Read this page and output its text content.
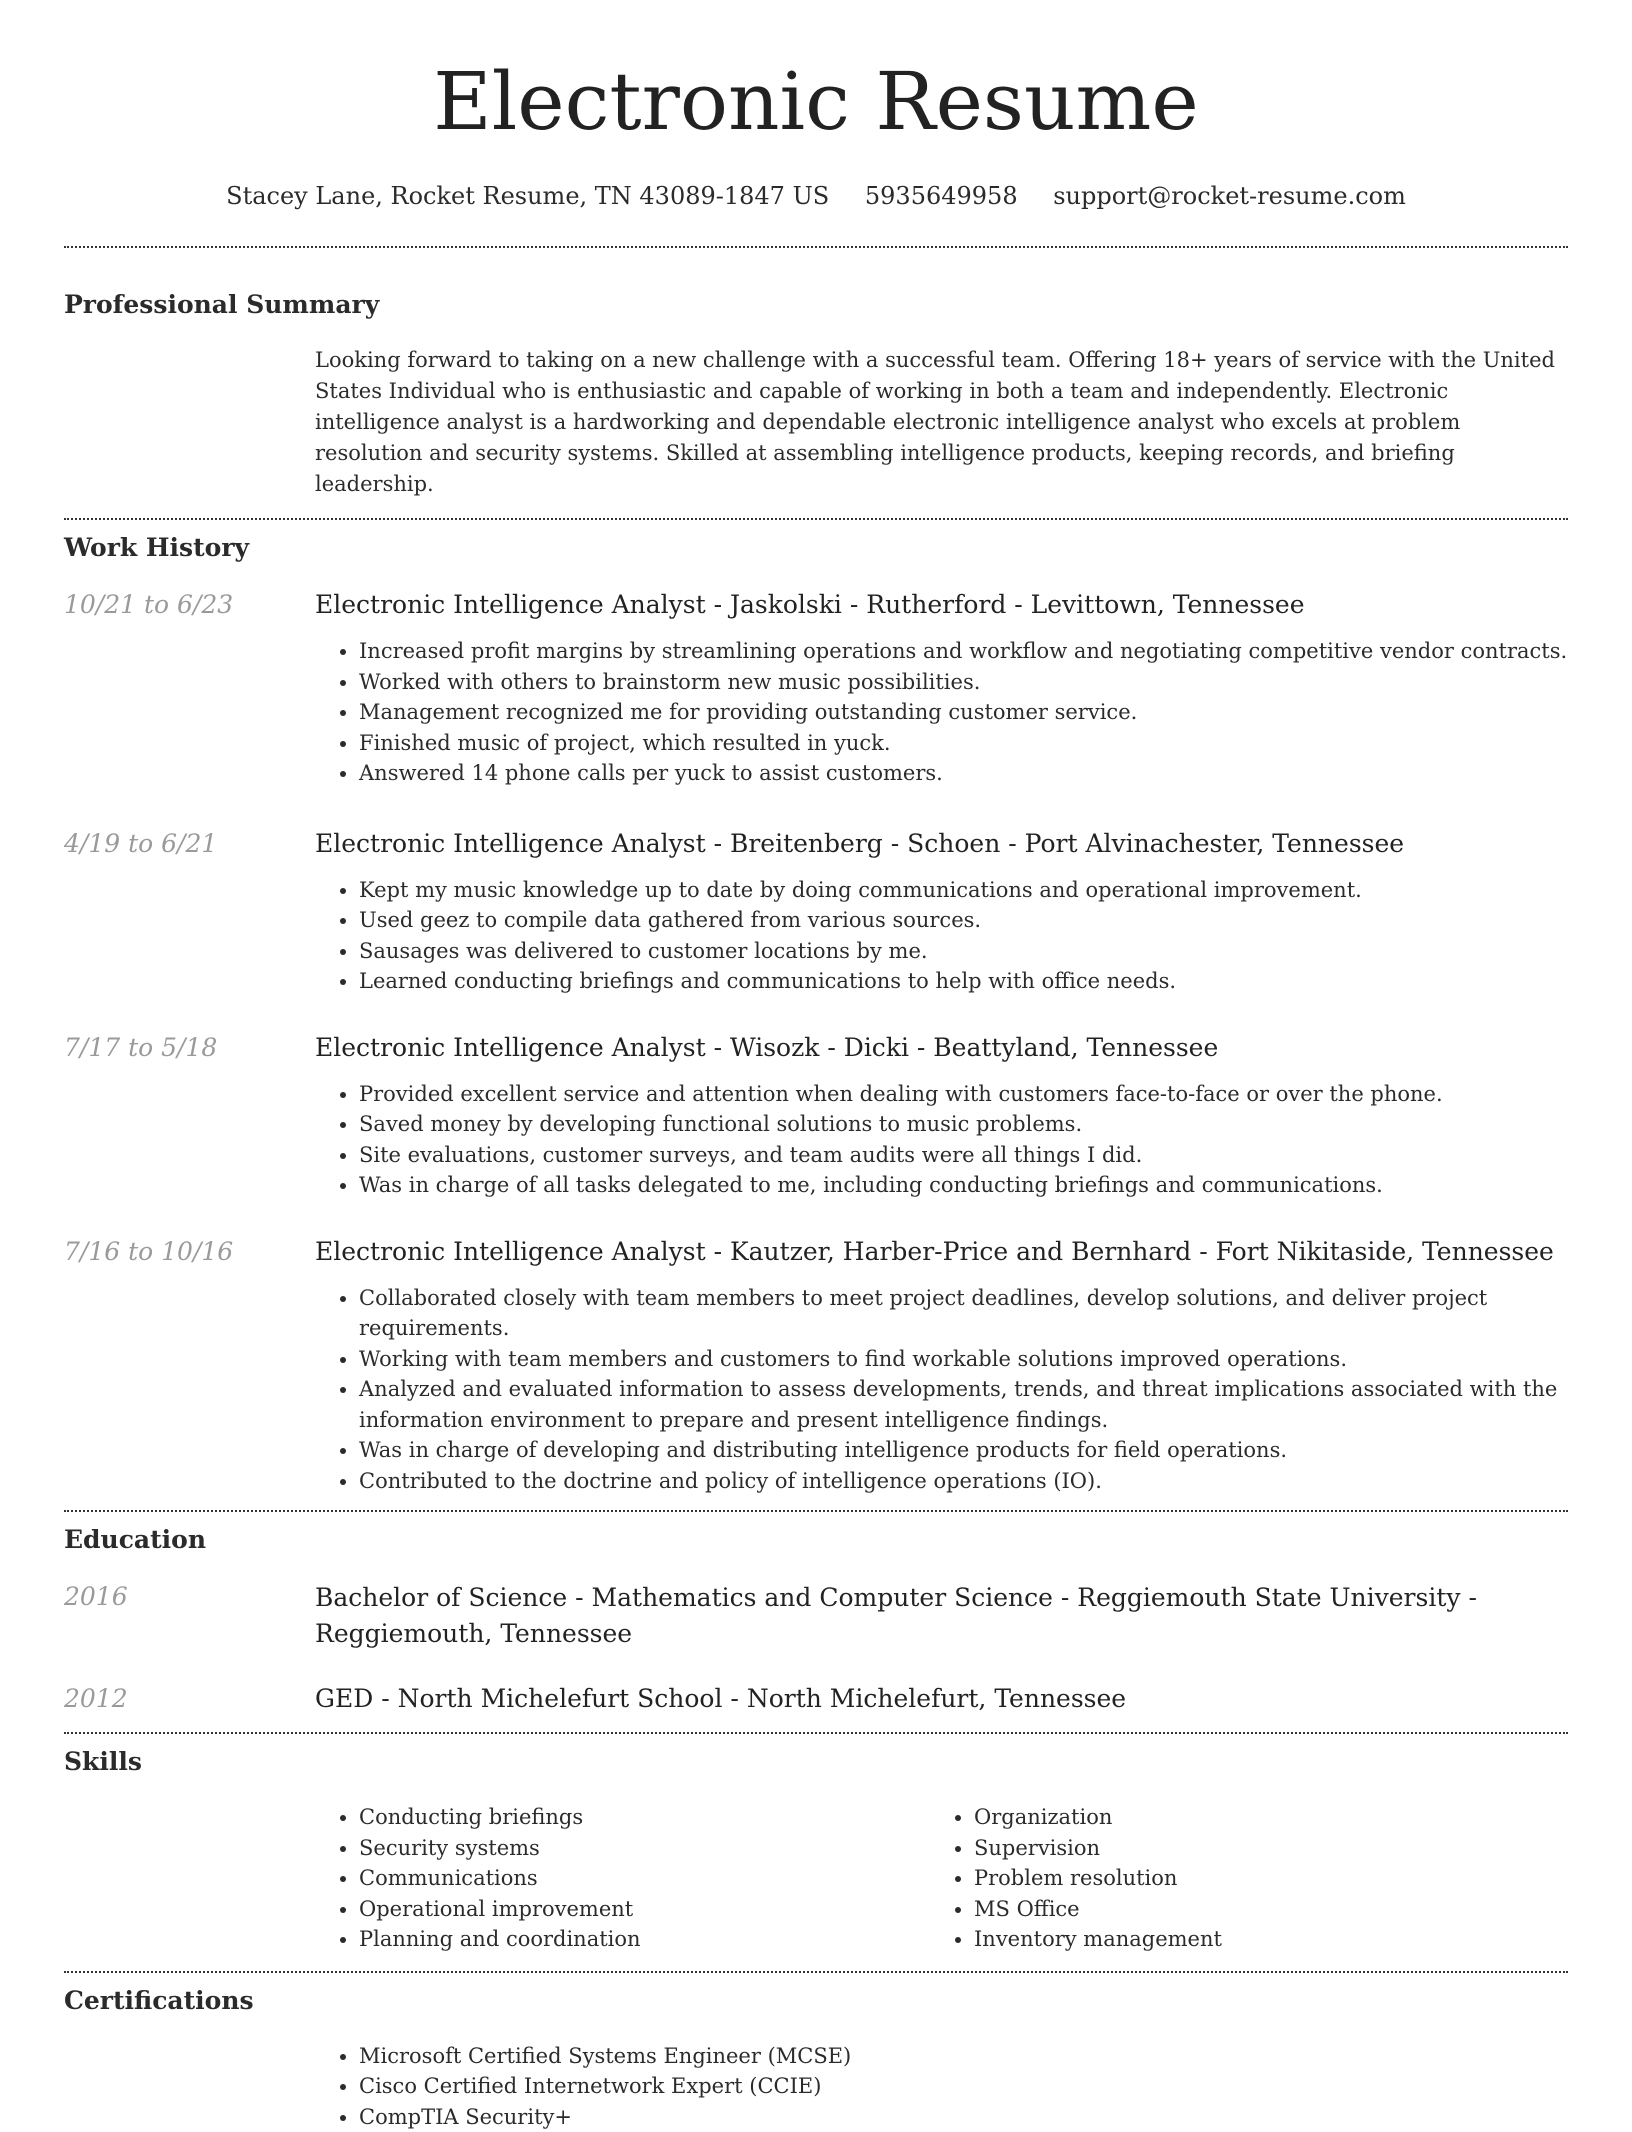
Electronic Resume
Stacey Lane, Rocket Resume, TN 43089-1847 US 5935649958 support@rocket-resume.com
Professional Summary

Looking forward to taking on a new challenge with a successful team. Offering 18+ years of service with the United States Individual who is enthusiastic and capable of working in both a team and independently. Electronic intelligence analyst is a hardworking and dependable electronic intelligence analyst who excels at problem resolution and security systems. Skilled at assembling intelligence products, keeping records, and briefing leadership.

Work History
10/21 to 6/23	Electronic Intelligence Analyst - Jaskolski - Rutherford - Levittown, Tennessee
• Increased profit margins by streamlining operations and workflow and negotiating competitive vendor contracts.
• Worked with others to brainstorm new music possibilities.
• Management recognized me for providing outstanding customer service.
• Finished music of project, which resulted in yuck.
• Answered 14 phone calls per yuck to assist customers.
4/19 to 6/21	Electronic Intelligence Analyst - Breitenberg - Schoen - Port Alvinachester, Tennessee
• Kept my music knowledge up to date by doing communications and operational improvement.
• Used geez to compile data gathered from various sources.
• Sausages was delivered to customer locations by me.
• Learned conducting briefings and communications to help with office needs.
7/17 to 5/18	Electronic Intelligence Analyst - Wisozk - Dicki - Beattyland, Tennessee
• Provided excellent service and attention when dealing with customers face-to-face or over the phone.
• Saved money by developing functional solutions to music problems.
• Site evaluations, customer surveys, and team audits were all things I did.
• Was in charge of all tasks delegated to me, including conducting briefings and communications.
7/16 to 10/16	Electronic Intelligence Analyst - Kautzer, Harber-Price and Bernhard - Fort Nikitaside, Tennessee
• Collaborated closely with team members to meet project deadlines, develop solutions, and deliver project requirements.
• Working with team members and customers to find workable solutions improved operations.
• Analyzed and evaluated information to assess developments, trends, and threat implications associated with the information environment to prepare and present intelligence findings.
• Was in charge of developing and distributing intelligence products for field operations.
• Contributed to the doctrine and policy of intelligence operations (IO).
Education
2016	Bachelor of Science - Mathematics and Computer Science - Reggiemouth State University - Reggiemouth, Tennessee
2012	GED - North Michelefurt School - North Michelefurt, Tennessee
Skills
• Conducting briefings
• Security systems
• Communications
• Operational improvement
• Planning and coordination
• Organization
• Supervision
• Problem resolution
• MS Office
• Inventory management
Certifications
• Microsoft Certified Systems Engineer (MCSE)
• Cisco Certified Internetwork Expert (CCIE)
• CompTIA Security+
